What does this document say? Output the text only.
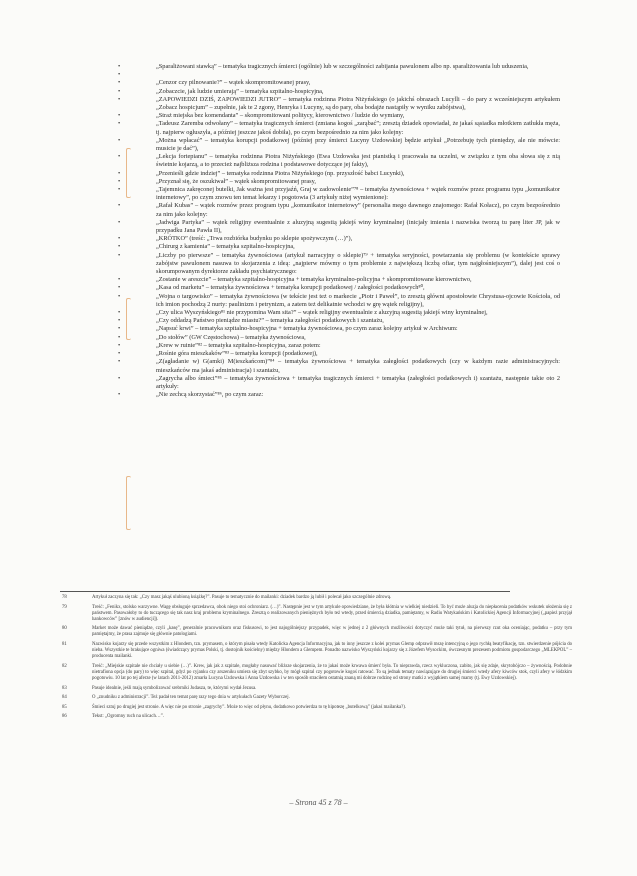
• „Sparaliżowani stawką” – tematyka tragicznych śmierci (ogólnie) lub w szczególności zabijania pawulonem albo np. sparaliżowania lub uduszenia,

•

• „Cenzor czy pilnowanie?” – wątek skompromitowanej prasy,

• „Zobaczcie, jak ludzie umierają” – tematyka szpitalno-hospicyjna,

• „ZAPOWIEDZI DZIŚ, ZAPOWIEDZI JUTRO” – tematyka rodzinna Piotra Niżyńskiego (o jakichś obrazach Lucylli – do pary z wcześniejszym artykułem „Zobacz hospicjum” – zupełnie, jak te 2 zgony, Henryka i Lucyny, są do pary, oba bodajże nastąpiły w wyniku zabójstwa),

• „Straż miejska bez komendanta” – skompromitowani politycy, kierownictwo / ludzie do wymiany,

• „Tadeusz Zaremba odwołany” – tematyka tragicznych śmierci (zmiana kogoś „zarąbać”; zresztą dziadek opowiadał, że jakaś sąsiadka młotkiem zatłukła męża, tj. najpierw ogłuszyła, a później jeszcze jakoś dobiła), po czym bezpośrednio za nim jako kolejny:

• „Można wpłacać” – tematyka korupcji podatkowej (później przy śmierci Lucyny Uzdowskiej będzie artykuł „Potrzebuję tych pieniędzy, ale nie mówcie: musicie je dać”),

• „Lekcja fortepianu” – tematyka rodzinna Piotra Niżyńskiego (Ewa Uzdowska jest pianistką i pracowała na uczelni, w związku z tym oba słowa się z nią świetnie kojarzą, a to przecież najbliższa rodzina i podstawowe dotyczące jej fakty),

• „Przenieśli gdzie indziej” – tematyka rodzinna Piotra Niżyńskiego (np. przyszłość babci Lucynki),

• „Przyznał się, że oszukiwał” – wątek skompromitowanej prasy,

• „Tajemnica zakręconej butelki, Jak ważna jest przyjaźń, Graj w zadowolenie”⁷⁸ – tematyka żywnościowa + wątek rozmów przez programu typu „komunikator internetowy”, po czym znowu ten temat lekarzy i pogotowia (3 artykuły niżej wymienione):

• „Rafał Kubas” – wątek rozmów przez program typu „komunikator internetowy” (personalia mego dawnego znajomego: Rafał Kołacz), po czym bezpośrednio za nim jako kolejny:

• „Jadwiga Partyka” – wątek religijny ewentualnie z aluzyjną sugestią jakiejś winy kryminalnej (inicjały imienia i nazwiska tworzą tu parę liter JP, jak w przypadku Jana Pawła II),

• „KRÓTKO” (treść: „Trwa rozbiórka budynku po sklepie spożywczym (…)”),

• „Chirurg z kamienia” – tematyka szpitalno-hospicyjna,

• „Liczby po pierwsze” – tematyka żywnościowa (artykuł narracyjny o sklepie)⁷⁹ + tematyka seryjności, powtarzania się problemu (w kontekście sprawy zabójstw pawulonem nasuwa to skojarzenia z ideą: „najpierw mówmy o tym problemie z największą liczbą ofiar, tym najgłośniejszym”), dalej jest coś o skorumpowanym dyrektorze zakładu psychiatrycznego:

• „Zostanie w areszcie” – tematyka szpitalno-hospicyjna + tematyka kryminalno-policyjna + skompromitowane kierownictwo,

• „Kasa od marketu” – tematyka żywnościowa + tematyka korupcji podatkowej / załegłości podatkowych⁸⁰,

• „Wojna o targowisko” – tematyka żywnościowa (w tekście jest też o markecie „Piotr i Paweł”, to zresztą główni apostołowie Chrystusa-ojcowie Kościoła, od ich imion pochodzą 2 nurty: paulinizm i petrynizm, a zatem też delikatnie wchodzi w grę wątek religijny),

• „Czy ulica Wyszyńskiego⁸¹ nie przypomina Wam sita?” – wątek religijny ewentualnie z aluzyjną sugestią jakiejś winy kryminalnej,

• „Czy oddadzą Państwo pieniądze miastu?” – tematyka załegłości podatkowych i szantażu,

• „Napsuć krwi” – tematyka szpitalno-hospicyjna + tematyka żywnościowa, po czym zaraz kolejny artykuł w Archiwum:

• „Do stołów” (GW Częstochowa) – tematyka żywnościowa,

• „Krew w ruinie”⁸² – tematyka szpitalno-hospicyjna, zaraz potem:

• „Rośnie góra mieszkaków”⁸³ – tematyka korupcji (podatkowej),

• „Z(agładanie w) G(amki) M(ieszkańcom)”⁸⁴ – tematyka żywnościowa + tematyka załegłości podatkowych (czy w każdym razie administracyjnych: mieszkańców ma jakaś administracja) i szantażu,

• „Zagrycha albo śmieci”⁸⁵ – tematyka żywnościowa + tematyka tragicznych śmierci + tematyka (załegłości podatkowych i) szantażu, następnie takie oto 2 artykuły:

• „Nie zechcą skorzystać”⁸⁶, po czym zaraz:

78	Artykuł zaczyna się tak: „Czy masz jakąś ulubioną książkę?”. Pasuje to tematycznie do mailanki: dziadek bardzo ją lubił i polecał jako szczególnie zdrową.
79	Treść: „Fenikx, stolsko warzywne. Wagę obsługuje sprzedawca, obok niego stoi ochroniarz. (…)”. Następnie jest w tym artykule opowiedziane, że była kłótnia w wielkiej niedzieli. To być może aluzja do niepłacenia podatków wskutek ułożenia się z państwem. Pasowałoby to do tuczącego się tak nasz kraj problemu kryminalnego. Zresztą o realizowanych pieniężnych było też wtedy, przed śmiercią dziadka, pamiętamy, w Radiu Watykańskim i Katolickiej Agencji Informacyjnej („papież przyjął hankowców” [znów w audiencji]).
80	Market może dawać pieniądze, czyli „kasę”, generalnie pracownikom oraz fiskusowi, to jest najogólniejszy przypadek, więc w jednej z 2 głównych możliwości dotyczyć może taki tytuł, na pierwszy rzut oka oceniając, podatku – przy tym pamiętajmy, że prasa zajmuje się głównie patologiami.
81	Nazwisko kojarzy się przede wszystkim z Hlondem, tzn. prymasem, o którym pisała wtedy Katolicka Agencja Informacyjna, jak to inny jeszcze z kolei prymas Glemp odprawił mszę intencyjną o jego rychłą beatyfikację, tzn. stwierdzenie pójścia do nieba. Wszystkie te brakujące ogniwa (świadczący prymas Polski, tj. dostojnik kościelny) między Hlondem a Glempem. Ponadto nazwisko Wyszyński kojarzy się z Józefem Wysockim, ówczesnym prezesem podmiotu gospodarczego „MLEKPOL” – producenta mailanki.
82	Treść: „Miejskie szpitale nie chciały u siebie (…)”. Krew, jak jak z szpitale, mogłaby nasuwać bliższe skojarzenia, że to jakaś może krwawa śmierć była. To nieprawda, rzecz wykluczona, zabito, jak się zdaje, skrytobójczo – żywnością. Podobnie nietrafiona opcja (do pary) to więc szpital, gdyż po cyjanku czy arszeniku umiera się zbyt szybko, by mógł szpital czy pogotowie kogoś ratować. To są jednak tematy nawiązujące do drugiej śmierci wtedy afery kiwców stok, czyli afery w łódzkim pogotowiu. 10 lat po tej aferze (w latach 2011-2012) zmarła Lucyna Uzdowska i Anna Uzdowska i w ten sposób straciłem ostatnią znaną mi dobrze rodzinę od strony matki z wyjątkiem samej mamy (tj. Ewy Uzdowskiej).
83	Pasuje idealnie, jeśli mają symbolizować srebrniki Judasza, te, którymi wydał Jezusa.
84	O „znudniku z administracji”. Też padał ten temat parę razy tego dnia w artykułach Gazety Wyborczej.
85	Śmieci sztuj po drugiej jest stronie. A więc nie po stronie „zagrychy”. Może to więc od płynu, dodatkowo potwierdza to tę hipotezę „butelkową” (jakaś mailanka?).
86	Tekst: „Ogromny ruch na ulicach…”.
– Strona 45 z 78 –
